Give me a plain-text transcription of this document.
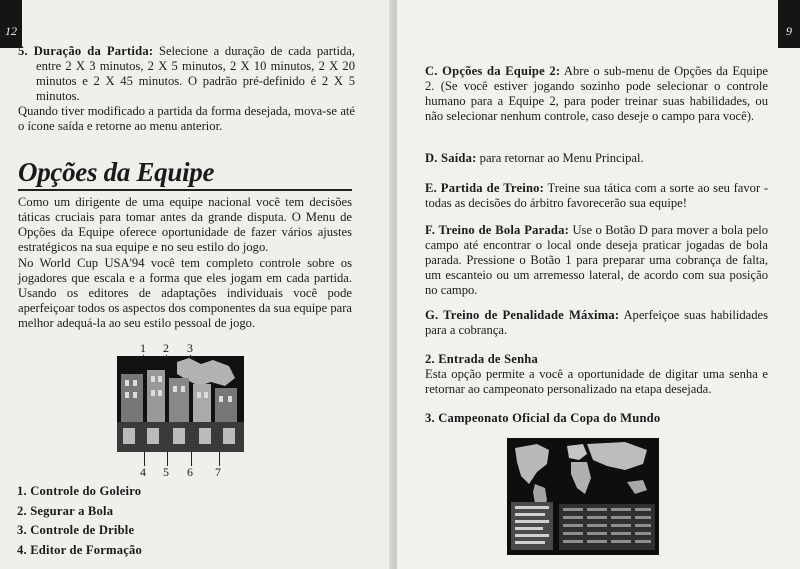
12
5. Duração da Partida: Selecione a duração de cada partida, entre 2 X 3 minutos, 2 X 5 minutos, 2 X 10 minutos, 2 X 20 minutos e 2 X 45 minutos. O padrão pré-definido é 2 X 5 minutos.
Quando tiver modificado a partida da forma desejada, mova-se até o ícone saída e retorne ao menu anterior.
Opções da Equipe
Como um dirigente de uma equipe nacional você tem decisões táticas cruciais para tomar antes da grande disputa. O Menu de Opções da Equipe oferece oportunidade de fazer vários ajustes estratégicos na sua equipe e no seu estilo do jogo.
No World Cup USA'94 você tem completo controle sobre os jogadores que escala e a forma que eles jogam em cada partida. Usando os editores de adaptações individuais você pode aperfeiçoar todos os aspectos dos componentes da sua equipe para melhor adequá-la ao seu estilo pessoal de jogo.
1 2 3
4 5 6 7
1. Controle do Goleiro
2. Segurar a Bola
3. Controle de Drible
4. Editor de Formação
9
C. Opções da Equipe 2: Abre o sub-menu de Opções da Equipe 2. (Se você estiver jogando sozinho pode selecionar o controle humano para a Equipe 2, para poder treinar suas habilidades, ou não selecionar nenhum controle, caso deseje o campo para você).
D. Saída: para retornar ao Menu Principal.
E. Partida de Treino: Treine sua tática com a sorte ao seu favor - todas as decisões do árbitro favorecerão sua equipe!
F. Treino de Bola Parada: Use o Botão D para mover a bola pelo campo até encontrar o local onde deseja praticar jogadas de bola parada. Pressione o Botão 1 para preparar uma cobrança de falta, um escanteio ou um arremesso lateral, de acordo com sua posição no campo.
G. Treino de Penalidade Máxima: Aperfeiçoe suas habilidades para a cobrança.
2. Entrada de Senha
Esta opção permite a você a oportunidade de digitar uma senha e retornar ao campeonato personalizado na etapa desejada.
3. Campeonato Oficial da Copa do Mundo
